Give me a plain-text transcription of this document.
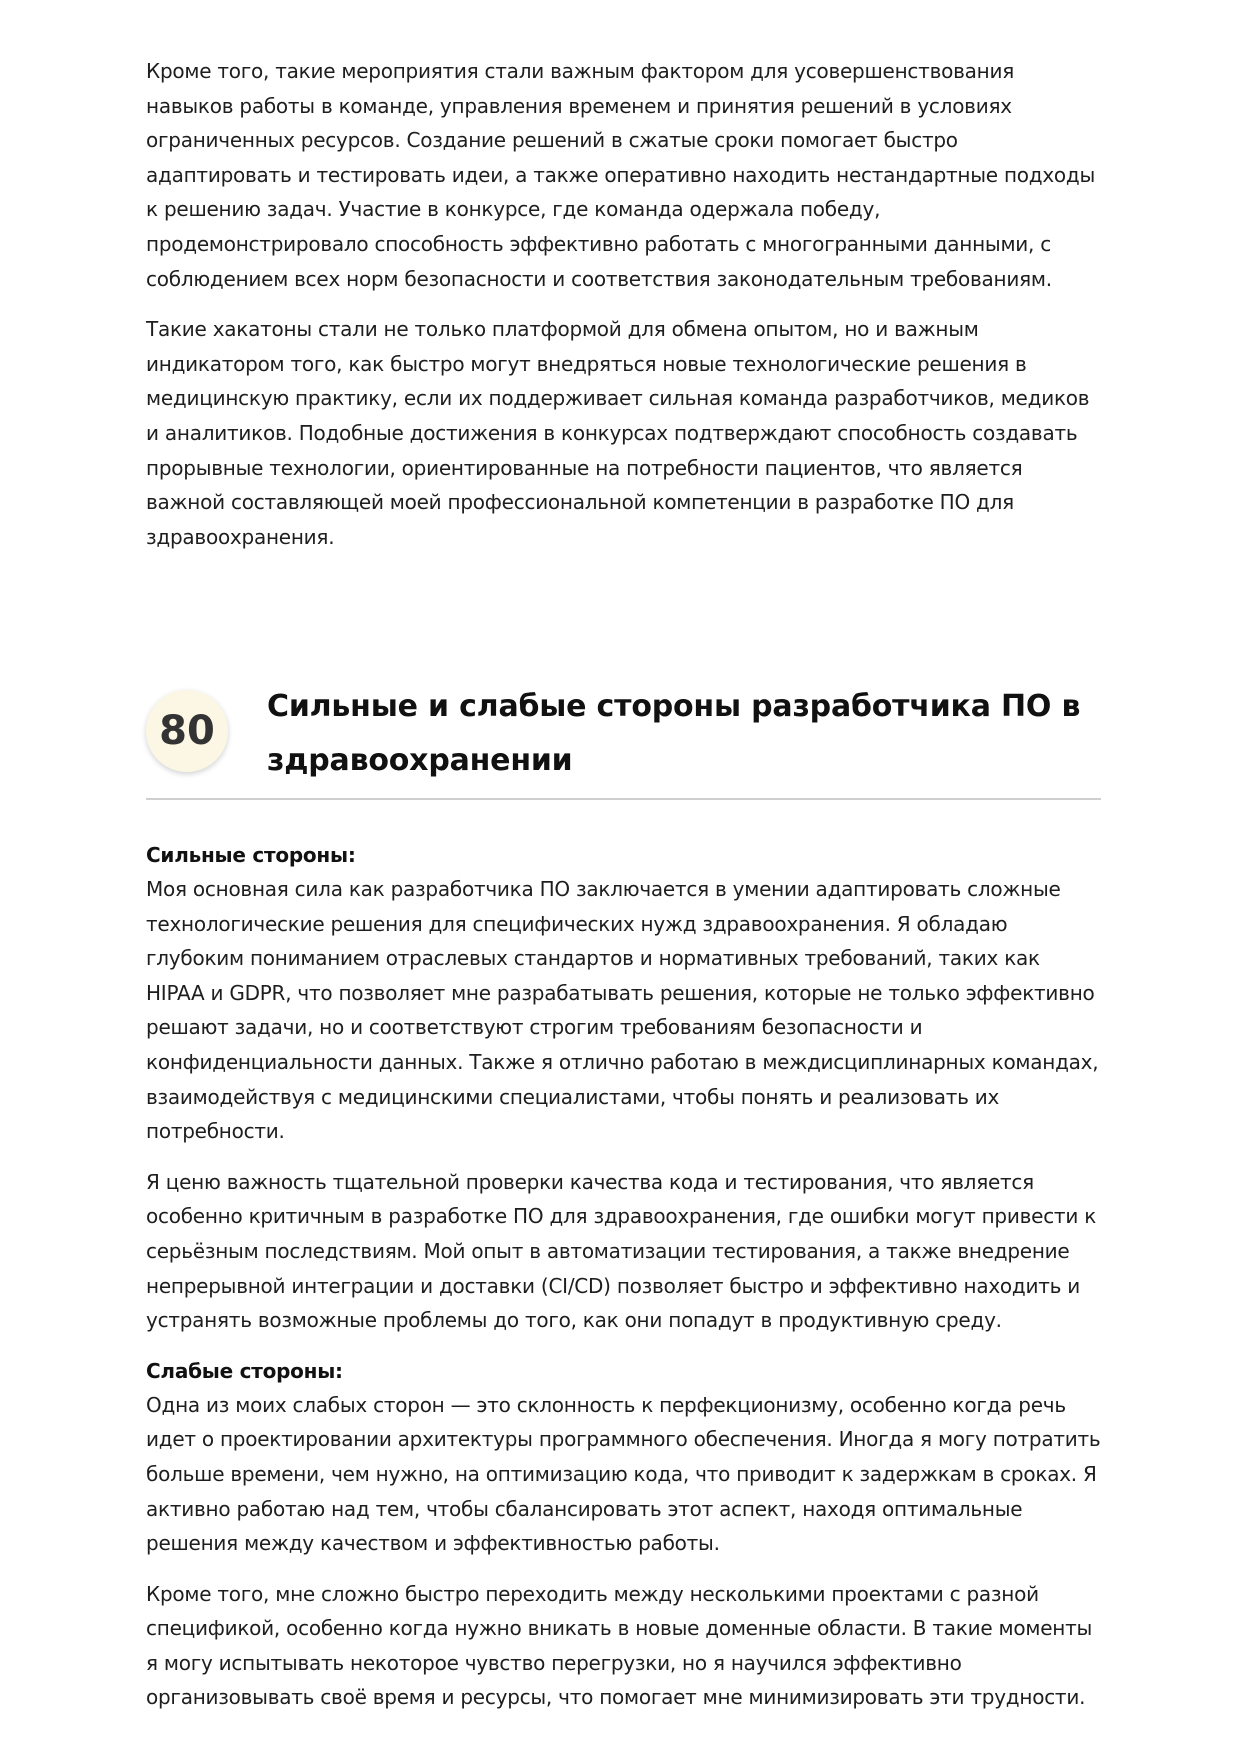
Кроме того, такие мероприятия стали важным фактором для усовершенствования навыков работы в команде, управления временем и принятия решений в условиях ограниченных ресурсов. Создание решений в сжатые сроки помогает быстро адаптировать и тестировать идеи, а также оперативно находить нестандартные подходы к решению задач. Участие в конкурсе, где команда одержала победу, продемонстрировало способность эффективно работать с многогранными данными, с соблюдением всех норм безопасности и соответствия законодательным требованиям.

Такие хакатоны стали не только платформой для обмена опытом, но и важным индикатором того, как быстро могут внедряться новые технологические решения в медицинскую практику, если их поддерживает сильная команда разработчиков, медиков и аналитиков. Подобные достижения в конкурсах подтверждают способность создавать прорывные технологии, ориентированные на потребности пациентов, что является важной составляющей моей профессиональной компетенции в разработке ПО для здравоохранения.

80
Сильные и слабые стороны разработчика ПО в здравоохранении
Сильные стороны:

Моя основная сила как разработчика ПО заключается в умении адаптировать сложные технологические решения для специфических нужд здравоохранения. Я обладаю глубоким пониманием отраслевых стандартов и нормативных требований, таких как HIPAA и GDPR, что позволяет мне разрабатывать решения, которые не только эффективно решают задачи, но и соответствуют строгим требованиям безопасности и конфиденциальности данных. Также я отлично работаю в междисциплинарных командах, взаимодействуя с медицинскими специалистами, чтобы понять и реализовать их потребности.

Я ценю важность тщательной проверки качества кода и тестирования, что является особенно критичным в разработке ПО для здравоохранения, где ошибки могут привести к серьёзным последствиям. Мой опыт в автоматизации тестирования, а также внедрение непрерывной интеграции и доставки (CI/CD) позволяет быстро и эффективно находить и устранять возможные проблемы до того, как они попадут в продуктивную среду.

Слабые стороны:

Одна из моих слабых сторон — это склонность к перфекционизму, особенно когда речь идет о проектировании архитектуры программного обеспечения. Иногда я могу потратить больше времени, чем нужно, на оптимизацию кода, что приводит к задержкам в сроках. Я активно работаю над тем, чтобы сбалансировать этот аспект, находя оптимальные решения между качеством и эффективностью работы.

Кроме того, мне сложно быстро переходить между несколькими проектами с разной спецификой, особенно когда нужно вникать в новые доменные области. В такие моменты я могу испытывать некоторое чувство перегрузки, но я научился эффективно организовывать своё время и ресурсы, что помогает мне минимизировать эти трудности.
